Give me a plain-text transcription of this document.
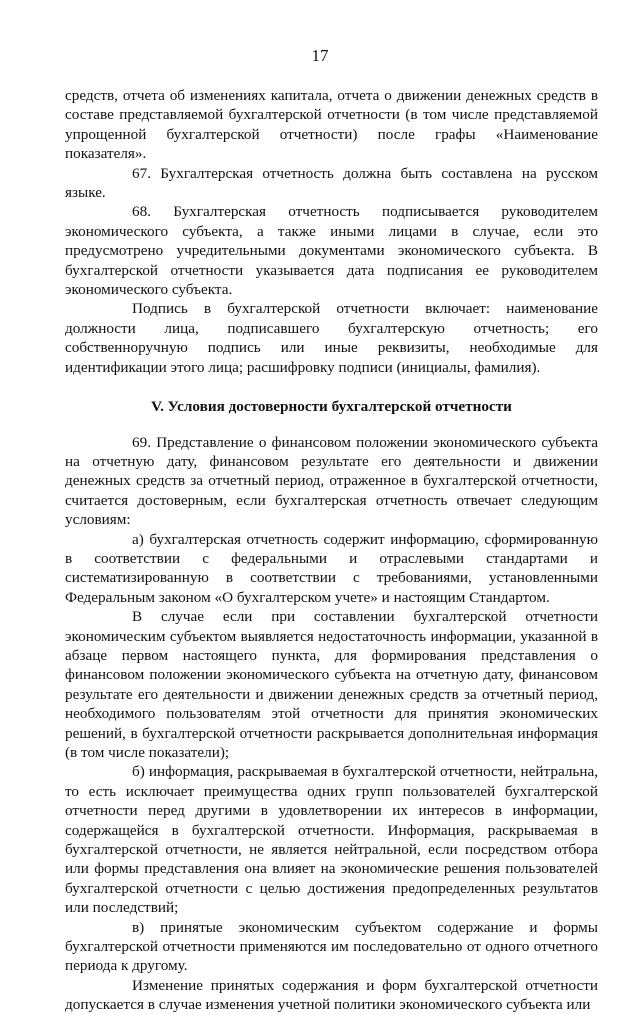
17

средств, отчета об изменениях капитала, отчета о движении денежных средств в составе представляемой бухгалтерской отчетности (в том числе представляемой упрощенной бухгалтерской отчетности) после графы «Наименование показателя».

67. Бухгалтерская отчетность должна быть составлена на русском языке.

68. Бухгалтерская отчетность подписывается руководителем экономического субъекта, а также иными лицами в случае, если это предусмотрено учредительными документами экономического субъекта. В бухгалтерской отчетности указывается дата подписания ее руководителем экономического субъекта.

Подпись в бухгалтерской отчетности включает: наименование должности лица, подписавшего бухгалтерскую отчетность; его собственноручную подпись или иные реквизиты, необходимые для идентификации этого лица; расшифровку подписи (инициалы, фамилия).

V. Условия достоверности бухгалтерской отчетности

69. Представление о финансовом положении экономического субъекта на отчетную дату, финансовом результате его деятельности и движении денежных средств за отчетный период, отраженное в бухгалтерской отчетности, считается достоверным, если бухгалтерская отчетность отвечает следующим условиям:

а) бухгалтерская отчетность содержит информацию, сформированную в соответствии с федеральными и отраслевыми стандартами и систематизированную в соответствии с требованиями, установленными Федеральным законом «О бухгалтерском учете» и настоящим Стандартом.

В случае если при составлении бухгалтерской отчетности экономическим субъектом выявляется недостаточность информации, указанной в абзаце первом настоящего пункта, для формирования представления о финансовом положении экономического субъекта на отчетную дату, финансовом результате его деятельности и движении денежных средств за отчетный период, необходимого пользователям этой отчетности для принятия экономических решений, в бухгалтерской отчетности раскрывается дополнительная информация (в том числе показатели);

б) информация, раскрываемая в бухгалтерской отчетности, нейтральна, то есть исключает преимущества одних групп пользователей бухгалтерской отчетности перед другими в удовлетворении их интересов в информации, содержащейся в бухгалтерской отчетности. Информация, раскрываемая в бухгалтерской отчетности, не является нейтральной, если посредством отбора или формы представления она влияет на экономические решения пользователей бухгалтерской отчетности с целью достижения предопределенных результатов или последствий;

в) принятые экономическим субъектом содержание и формы бухгалтерской отчетности применяются им последовательно от одного отчетного периода к другому.

Изменение принятых содержания и форм бухгалтерской отчетности допускается в случае изменения учетной политики экономического субъекта или
